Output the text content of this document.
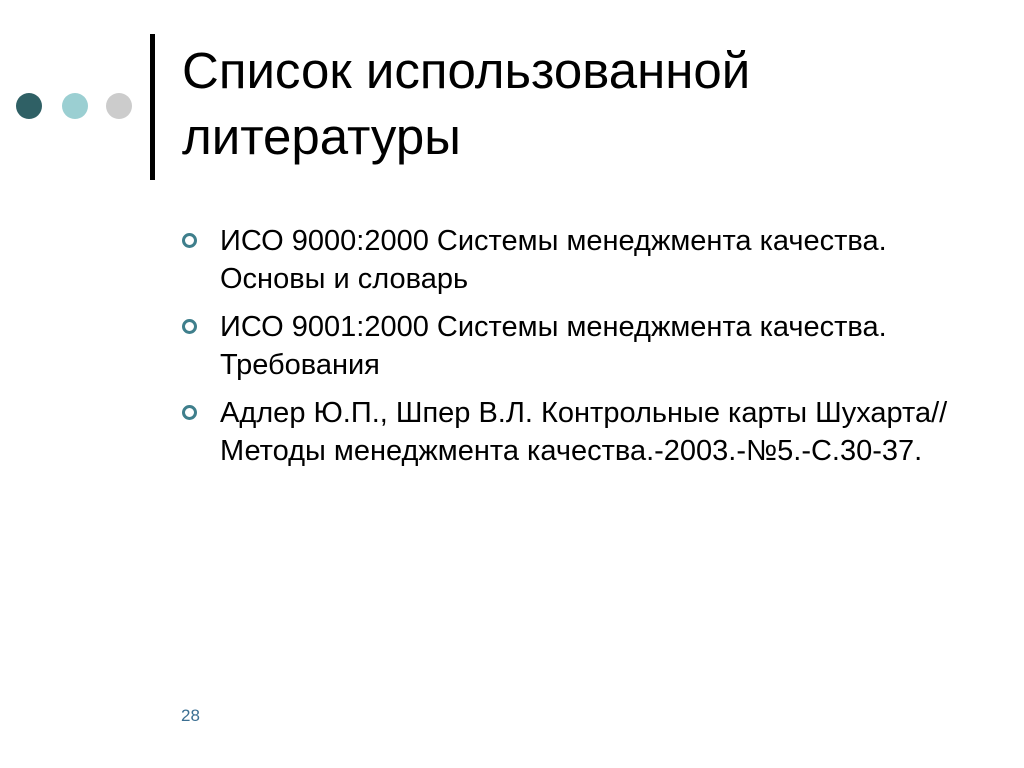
Список использованной литературы
ИСО 9000:2000 Системы менеджмента качества. Основы и словарь
ИСО 9001:2000 Системы менеджмента качества. Требования
Адлер Ю.П., Шпер В.Л. Контрольные карты Шухарта//Методы менеджмента качества.-2003.-№5.-С.30-37.
28
